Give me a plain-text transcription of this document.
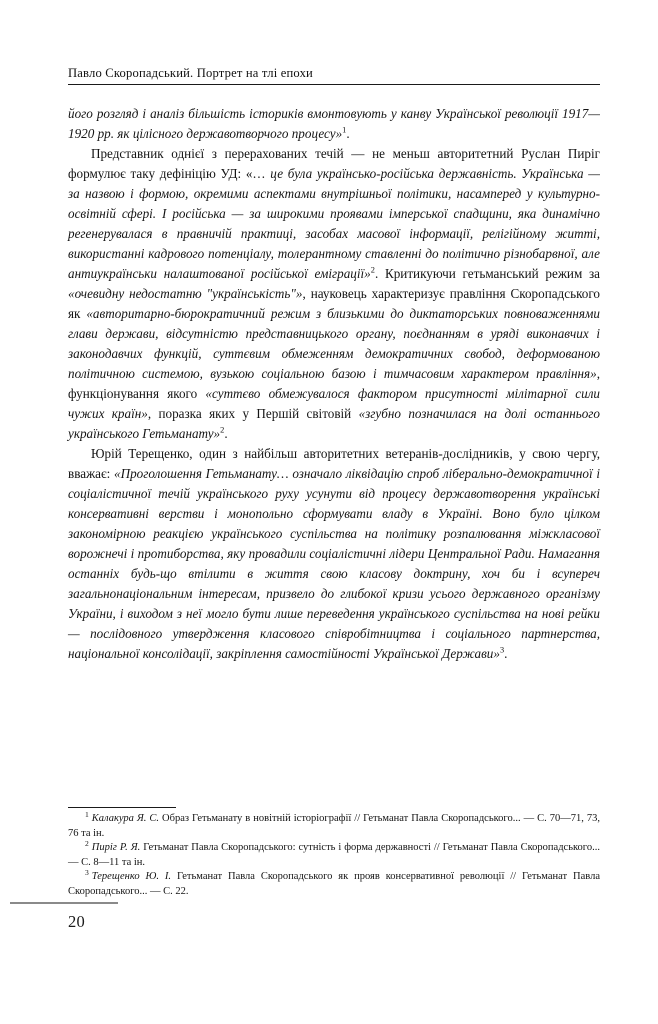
Павло Скоропадський. Портрет на тлі епохи

його розгляд і аналіз більшість істориків вмонтовують у канву Української революції 1917—1920 рр. як цілісного державотворчого процесу»$^1$.

Представник однієї з перерахованих течій — не меньш авторитетний Руслан Пиріг формулює таку дефініцію УД: «… це була українсько-російська державність. Українська — за назвою і формою, окремими аспектами внутрішньої політики, насамперед у культурно-освітній сфері. І російська — за широкими проявами імперської спадщини, яка динамічно регенерувалася в правничій практиці, засобах масової інформації, релігійному житті, використанні кадрового потенціалу, толерантному ставленні до політично різнобарвної, але антиукраїнськи налаштованої російської еміграції»$^2$. Критикуючи гетьманський режим за «очевидну недостатню "українськість"», науковець характеризує правління Скоропадського як «авторитарно-бюрократичний режим з близькими до диктаторських повноваженнями глави держави, відсутністю представницького органу, поєднанням в уряді виконавчих і законодавчих функцій, суттєвим обмеженням демократичних свобод, деформованою політичною системою, вузькою соціальною базою і тимчасовим характером правління», функціонування якого «суттєво обмежувалося фактором присутності мілітарної сили чужих країн», поразка яких у Першій світовій «згубно позначилася на долі останнього українського Гетьманату»$^2$.

Юрій Терещенко, один з найбільш авторитетних ветеранів-дослідників, у свою чергу, вважає: «Проголошення Гетьманату… означало ліквідацію спроб ліберально-демократичної і соціалістичної течій українського руху усунути від процесу державотворення українські консервативні верстви і монопольно сформувати владу в Україні. Воно було цілком закономірною реакцією українського суспільства на політику розпалювання міжкласової ворожнечі і протиборства, яку провадили соціалістичні лідери Центральної Ради. Намагання останніх будь-що втілити в життя свою класову доктрину, хоч би і всупереч загальнонаціональним інтересам, призвело до глибокої кризи усього державного організму України, і виходом з неї могло бути лише переведення українського суспільства на нові рейки — послідовного утвердження класового співробітництва і соціального партнерства, національної консолідації, закріплення самостійності Української Держави»$^3$.

$^1$ Калакура Я. С. Образ Гетьманату в новітній історіографії // Гетьманат Павла Скоропадського... — С. 70—71, 73, 76 та ін.

$^2$ Пиріг Р. Я. Гетьманат Павла Скоропадського: сутність і форма державності // Гетьманат Павла Скоропадського... — С. 8—11 та ін.

$^3$ Терещенко Ю. І. Гетьманат Павла Скоропадського як прояв консервативної революції // Гетьманат Павла Скоропадського... — С. 22.

20
